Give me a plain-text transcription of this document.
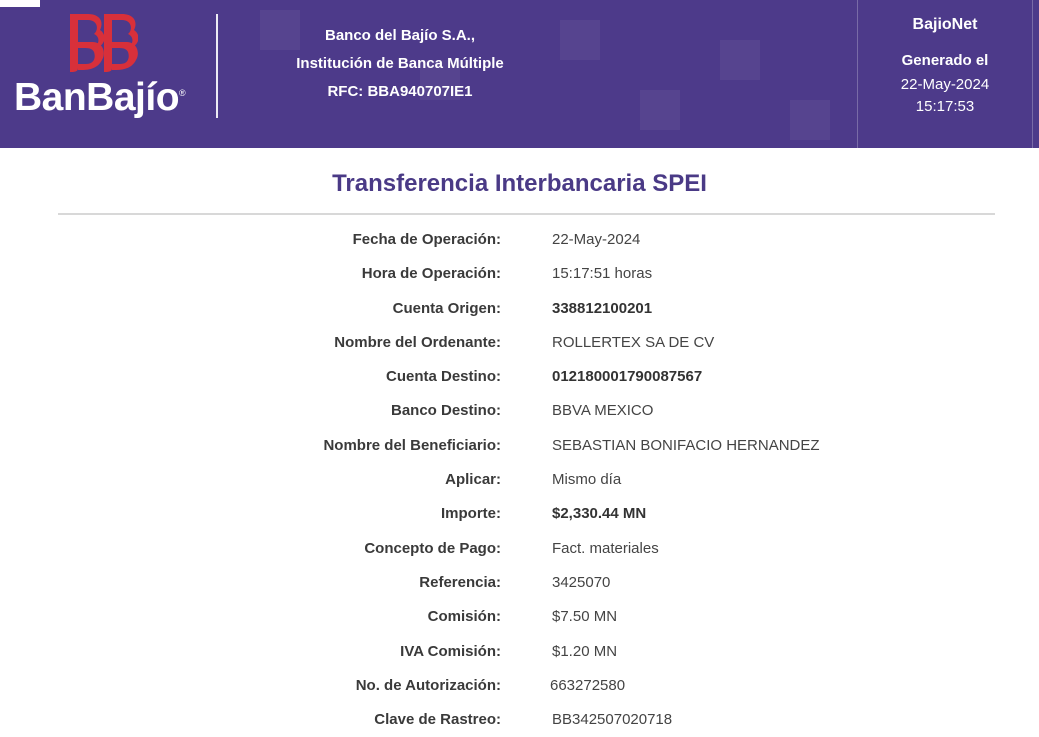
BanBajío®
Banco del Bajío S.A.,
Institución de Banca Múltiple
RFC: BBA940707IE1
BajioNet
Generado el
22-May-2024
15:17:53
Transferencia Interbancaria SPEI
Fecha de Operación:	22-May-2024
Hora de Operación:	15:17:51 horas
Cuenta Origen:	338812100201
Nombre del Ordenante:	ROLLERTEX SA DE CV
Cuenta Destino:	012180001790087567
Banco Destino:	BBVA MEXICO
Nombre del Beneficiario:	SEBASTIAN BONIFACIO HERNANDEZ
Aplicar:	Mismo día
Importe:	$2,330.44 MN
Concepto de Pago:	Fact. materiales
Referencia:	3425070
Comisión:	$7.50 MN
IVA Comisión:	$1.20 MN
No. de Autorización:	663272580
Clave de Rastreo:	BB342507020718
